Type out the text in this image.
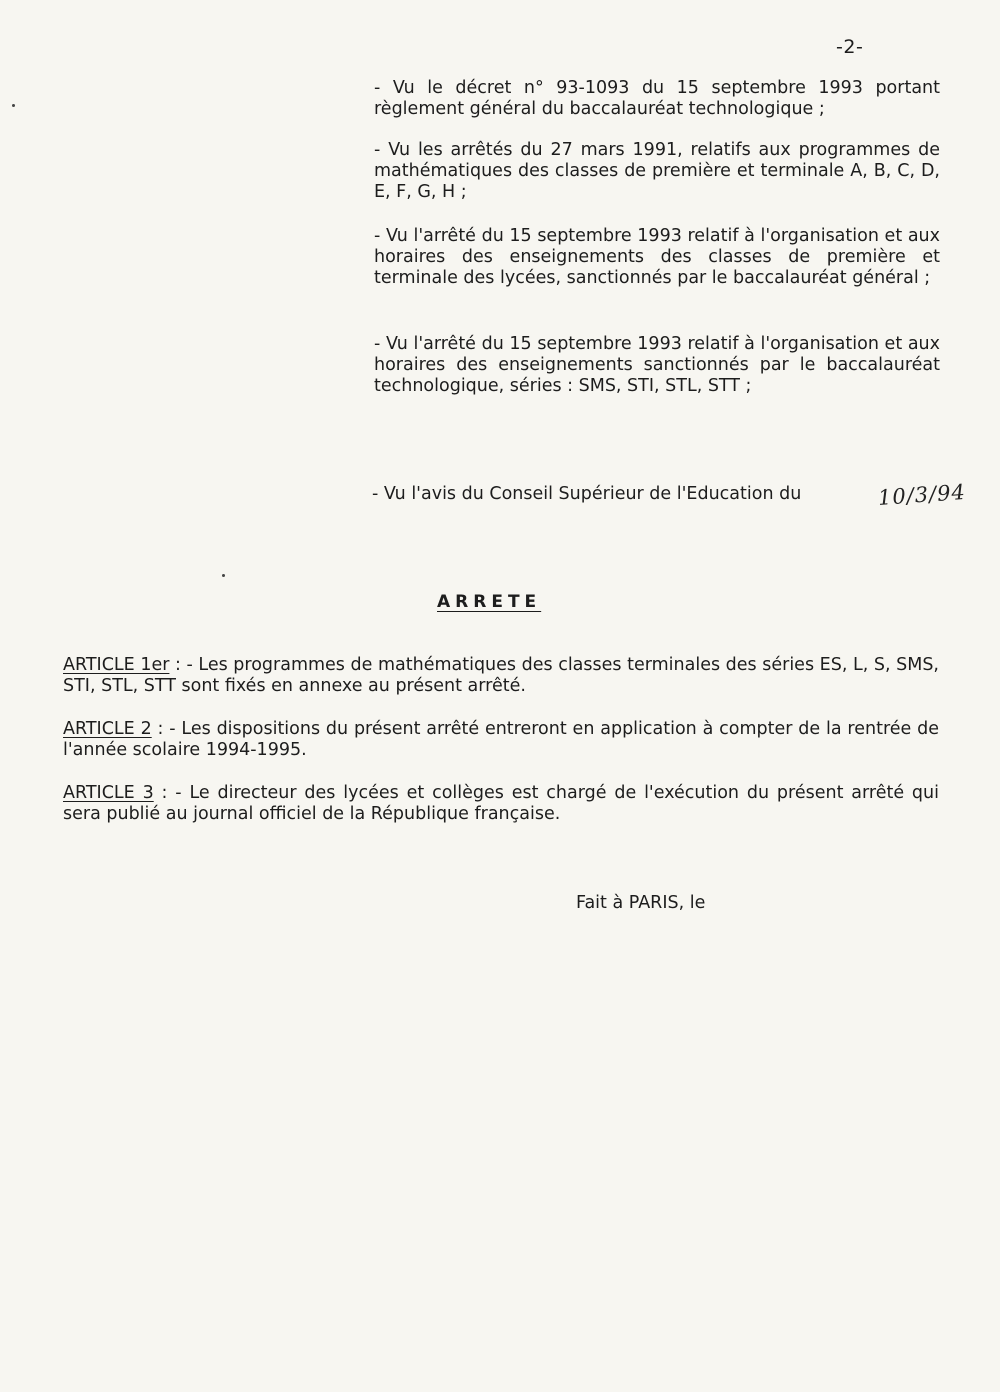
-2-

- Vu le décret n° 93-1093 du 15 septembre 1993 portant règlement général du baccalauréat technologique ;

- Vu les arrêtés du 27 mars 1991, relatifs aux programmes de mathématiques des classes de première et terminale A, B, C, D, E, F, G, H ;

- Vu l'arrêté du 15 septembre 1993 relatif à l'organisation et aux horaires des enseignements des classes de première et terminale des lycées, sanctionnés par le baccalauréat général ;

- Vu l'arrêté du 15 septembre 1993 relatif à l'organisation et aux horaires des enseignements sanctionnés par le baccalauréat technologique, séries : SMS, STI, STL, STT ;

- Vu l'avis du Conseil Supérieur de l'Education du	10/3/94
ARRETE

ARTICLE 1er : - Les programmes de mathématiques des classes terminales des séries ES, L, S, SMS, STI, STL, STT sont fixés en annexe au présent arrêté.

ARTICLE 2 : - Les dispositions du présent arrêté entreront en application à compter de la rentrée de l'année scolaire 1994-1995.

ARTICLE 3 : - Le directeur des lycées et collèges est chargé de l'exécution du présent arrêté qui sera publié au journal officiel de la République française.

Fait à PARIS, le
